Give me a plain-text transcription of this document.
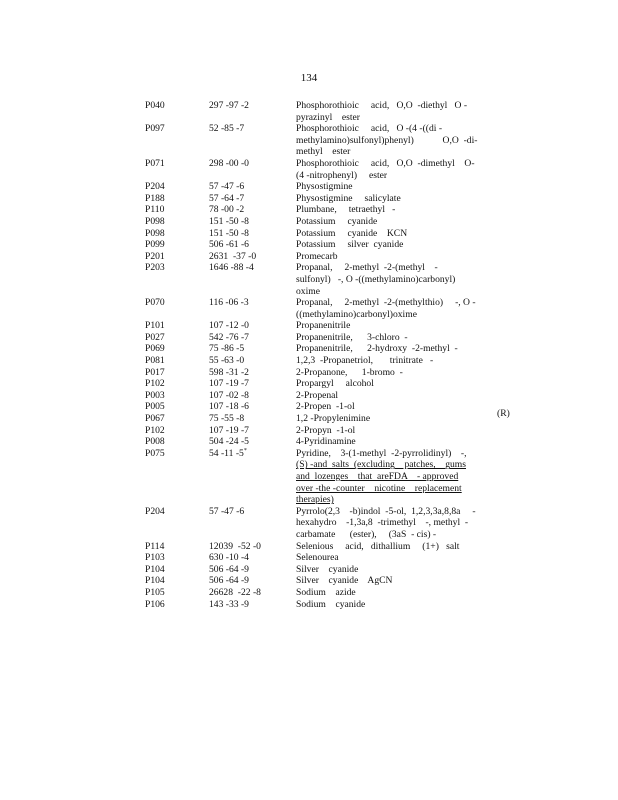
134
P040	297 -97 -2	Phosphorothioic     acid,   O,O  -diethyl   O -
pyrazinyl    ester
P097	52 -85 -7	Phosphorothioic     acid,   O -(4 -((di -
methylamino)sulfonyl)phenyl)            O,O  -di-
methyl    ester
P071	298 -00 -0	Phosphorothioic     acid,   O,O  -dimethyl    O-
(4 -nitrophenyl)     ester
P204	57 -47 -6	Physostigmine
P188	57 -64 -7	Physostigmine     salicylate
P110	78 -00 -2	Plumbane,     tetraethyl   -
P098	151 -50 -8	Potassium     cyanide
P098	151 -50 -8	Potassium     cyanide    KCN
P099	506 -61 -6	Potassium     silver  cyanide
P201	2631  -37 -0	Promecarb
P203	1646 -88 -4	Propanal,     2-methyl  -2-(methyl    -
sulfonyl)   -, O -((methylamino)carbonyl)
oxime
P070	116 -06 -3	Propanal,     2-methyl  -2-(methylthio)     -, O -
((methylamino)carbonyl)oxime
P101	107 -12 -0	Propanenitrile
P027	542 -76 -7	Propanenitrile,      3-chloro  -
P069	75 -86 -5	Propanenitrile,      2-hydroxy  -2-methyl  -
P081	55 -63 -0	1,2,3  -Propanetriol,       trinitrate   -
P017	598 -31 -2	2-Propanone,      1-bromo  -
P102	107 -19 -7	Propargyl     alcohol
P003	107 -02 -8	2-Propenal
P005	107 -18 -6	2-Propen  -1-ol
P067	75 -55 -8	1,2 -Propylenimine
P102	107 -19 -7	2-Propyn  -1-ol
P008	504 -24 -5	4-Pyridinamine
P075	54 -11 -5*	Pyridine,    3-(1-methyl  -2-pyrrolidinyl)    -,
(S) -and  salts  (excluding    patches,    gums
and  lozenges    that  areFDA    - approved
over -the -counter    nicotine    replacement
therapies)
P204	57 -47 -6	Pyrrolo(2,3    -b)indol  -5-ol,  1,2,3,3a,8,8a     -
hexahydro    -1,3a,8  -trimethyl    -, methyl  -
carbamate      (ester),     (3aS  - cis) -
P114	12039  -52 -0	Selenious     acid,   dithallium     (1+)   salt
P103	630 -10 -4	Selenourea
P104	506 -64 -9	Silver    cyanide
P104	506 -64 -9	Silver    cyanide    AgCN
P105	26628  -22 -8	Sodium    azide
P106	143 -33 -9	Sodium    cyanide
(R)
